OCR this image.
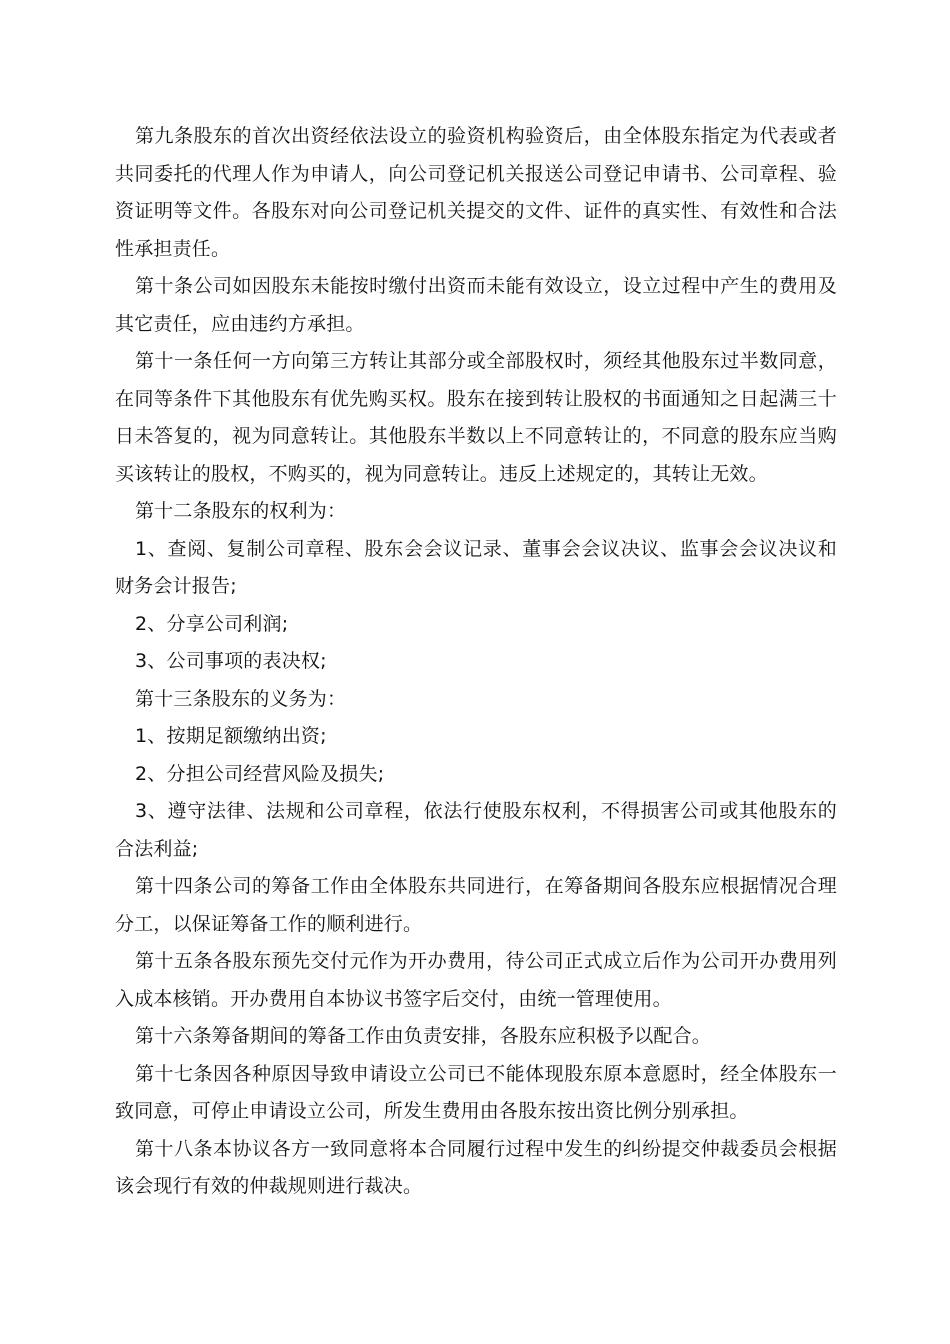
第九条股东的首次出资经依法设立的验资机构验资后，由全体股东指定为代表或者共同委托的代理人作为申请人，向公司登记机关报送公司登记申请书、公司章程、验资证明等文件。各股东对向公司登记机关提交的文件、证件的真实性、有效性和合法性承担责任。

第十条公司如因股东未能按时缴付出资而未能有效设立，设立过程中产生的费用及其它责任，应由违约方承担。

第十一条任何一方向第三方转让其部分或全部股权时，须经其他股东过半数同意，在同等条件下其他股东有优先购买权。股东在接到转让股权的书面通知之日起满三十日未答复的，视为同意转让。其他股东半数以上不同意转让的，不同意的股东应当购买该转让的股权，不购买的，视为同意转让。违反上述规定的，其转让无效。

第十二条股东的权利为：

1、查阅、复制公司章程、股东会会议记录、董事会会议决议、监事会会议决议和财务会计报告;

2、分享公司利润;

3、公司事项的表决权;

第十三条股东的义务为：

1、按期足额缴纳出资;

2、分担公司经营风险及损失;

3、遵守法律、法规和公司章程，依法行使股东权利，不得损害公司或其他股东的合法利益;

第十四条公司的筹备工作由全体股东共同进行，在筹备期间各股东应根据情况合理分工，以保证筹备工作的顺利进行。

第十五条各股东预先交付元作为开办费用，待公司正式成立后作为公司开办费用列入成本核销。开办费用自本协议书签字后交付，由统一管理使用。

第十六条筹备期间的筹备工作由负责安排，各股东应积极予以配合。

第十七条因各种原因导致申请设立公司已不能体现股东原本意愿时，经全体股东一致同意，可停止申请设立公司，所发生费用由各股东按出资比例分别承担。

第十八条本协议各方一致同意将本合同履行过程中发生的纠纷提交仲裁委员会根据该会现行有效的仲裁规则进行裁决。
